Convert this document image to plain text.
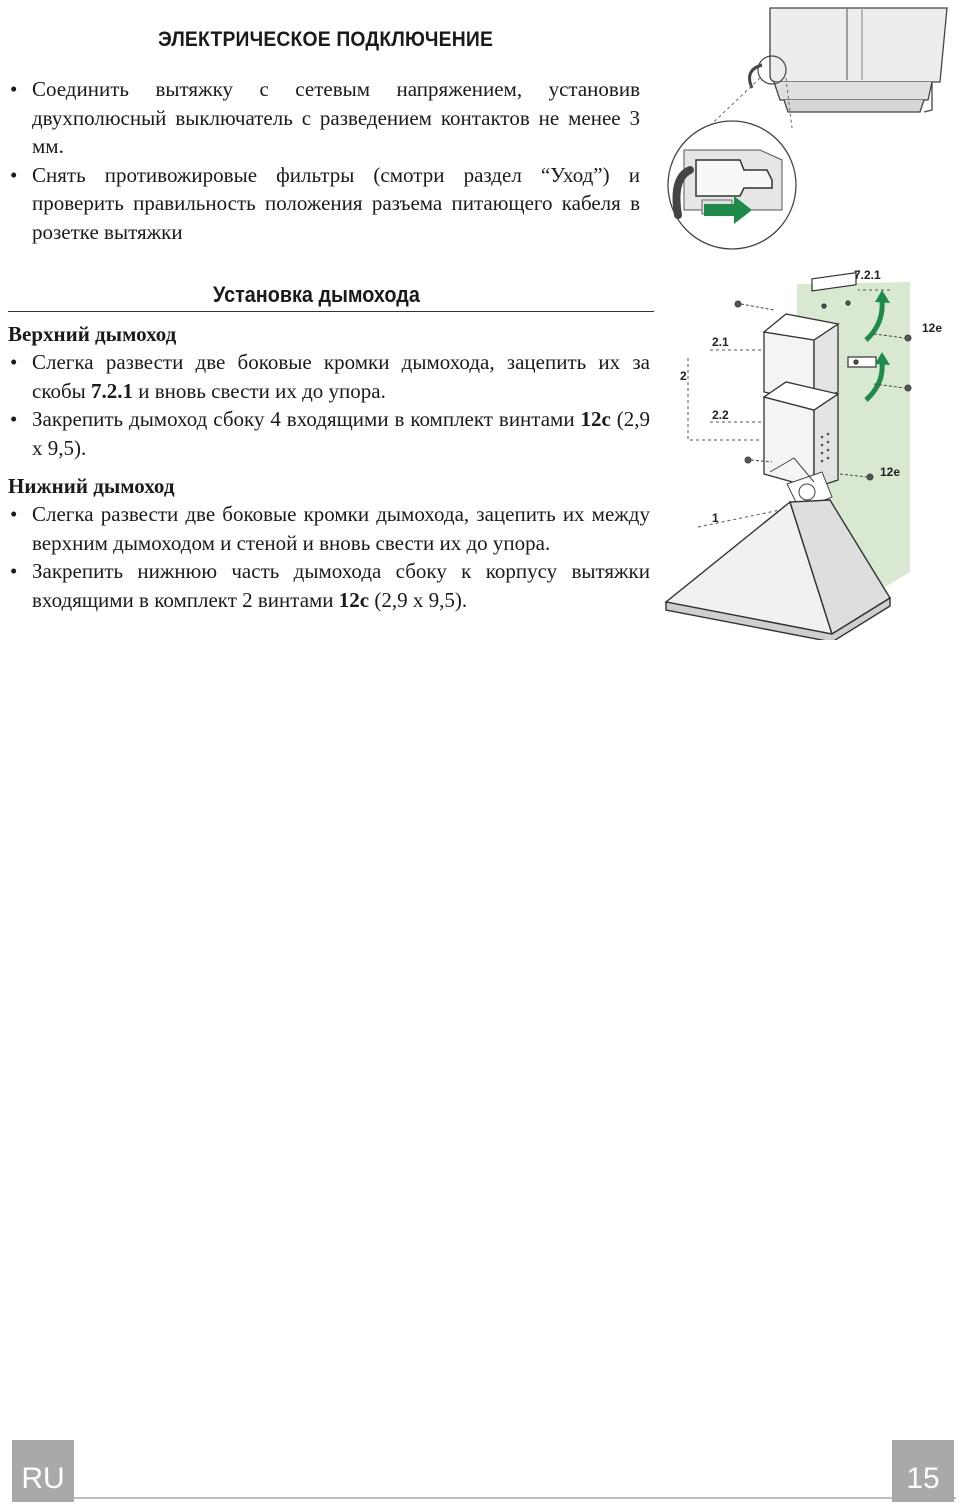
ЭЛЕКТРИЧЕСКОЕ ПОДКЛЮЧЕНИЕ
• Соединить вытяжку с сетевым напряжением, установив двухполюсный выключатель с разведением контактов не менее 3 мм.
• Снять противожировые фильтры (смотри раздел “Уход”) и проверить правильность положения разъема питающего кабеля в розетке вытяжки
Установка дымохода
Верхний дымоход
• Слегка развести две боковые кромки дымохода, зацепить их за скобы 7.2.1 и вновь свести их до упора.
• Закрепить дымоход сбоку 4 входящими в комплект винтами 12c (2,9 x 9,5).
Нижний дымоход
• Слегка развести две боковые кромки дымохода, зацепить их между верхним дымоходом и стеной и вновь свести их до упора.
• Закрепить нижнюю часть дымохода сбоку к корпусу вытяжки входящими в комплект 2 винтами 12c (2,9 x 9,5).
7.2.1
12e
2.1
2
2.2
12e
1
RU	15
